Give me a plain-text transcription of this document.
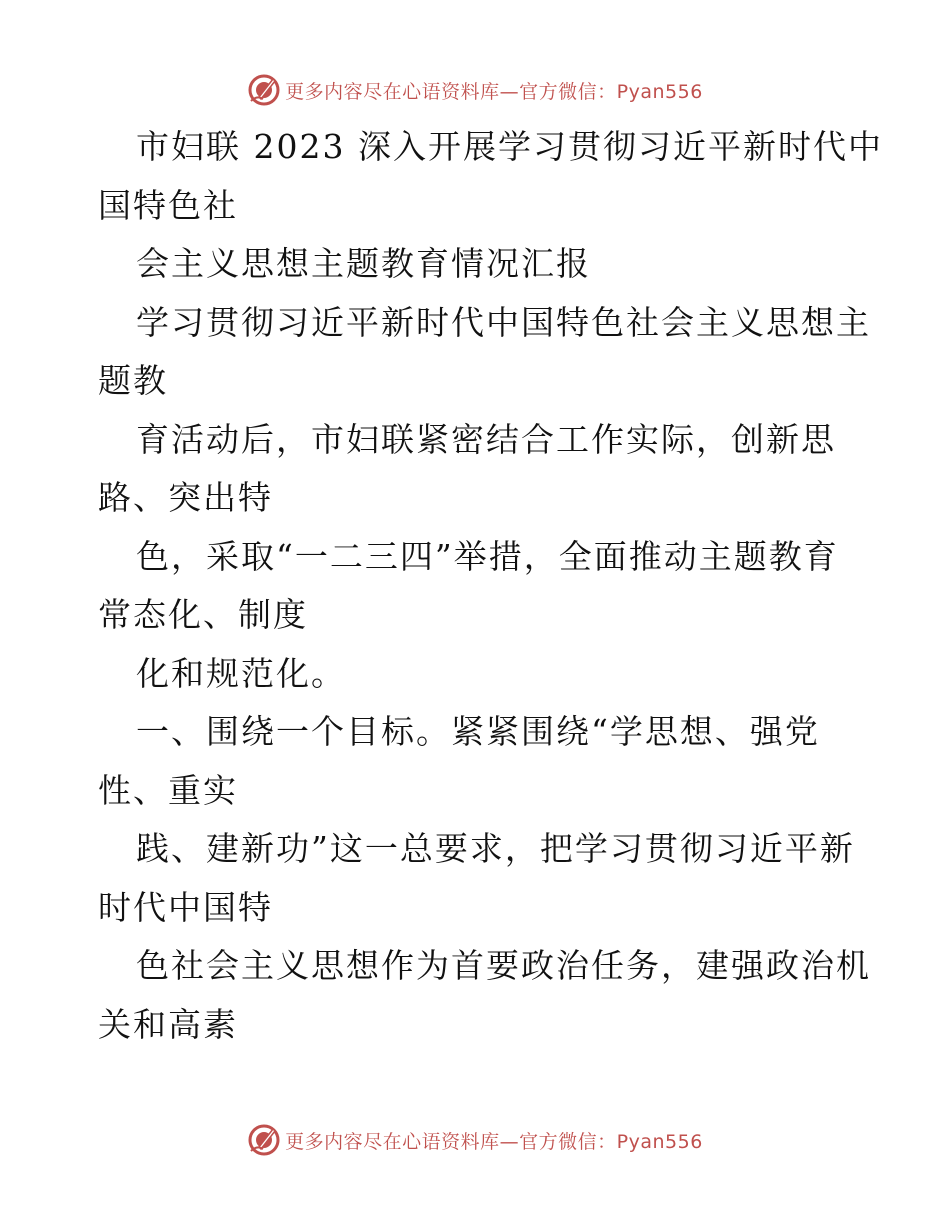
更多内容尽在心语资料库—官方微信：Pyan556
市妇联 2023 深入开展学习贯彻习近平新时代中
国特色社
会主义思想主题教育情况汇报
学习贯彻习近平新时代中国特色社会主义思想主
题教
育活动后，市妇联紧密结合工作实际，创新思
路、突出特
色，采取“一二三四”举措，全面推动主题教育
常态化、制度
化和规范化。
一、围绕一个目标。紧紧围绕“学思想、强党
性、重实
践、建新功”这一总要求，把学习贯彻习近平新
时代中国特
色社会主义思想作为首要政治任务，建强政治机
关和高素
更多内容尽在心语资料库—官方微信：Pyan556
